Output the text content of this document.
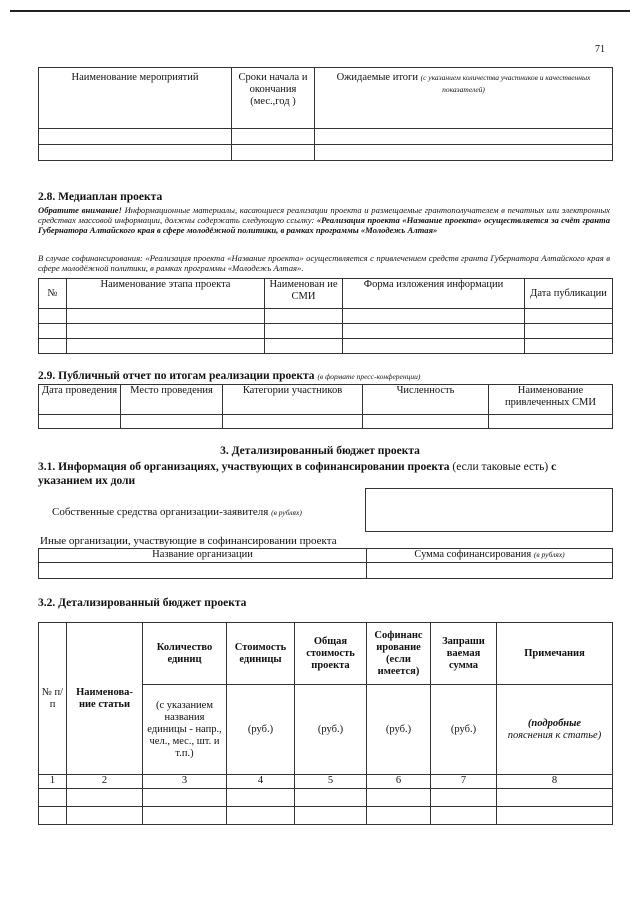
71
Наименование мероприятий	Сроки начала и окончания (мес.,год )	Ожидаемые итоги (с указанием количества участников и качественных показателей)

2.8. Медиаплан проекта
Обратите внимание! Информационные материалы, касающиеся реализации проекта и размещаемые грантополучателем в печатных или электронных средствах массовой информации, должны содержать следующую ссылку: «Реализация проекта «Название проекта» осуществляется за счёт гранта Губернатора Алтайского края в сфере молодёжной политики, в рамках программы «Молодежь Алтая»
В случае софинансирования: «Реализация проекта «Название проекта» осуществляется с привлечением средств гранта Губернатора Алтайского края в сфере молодёжной политики, в рамках программы «Молодежь Алтая».
№	Наименование этапа проекта	Наименован ие СМИ	Форма изложения информации	Дата публикации

2.9. Публичный отчет по итогам реализации проекта (в формате пресс-конференции)
Дата проведения	Место проведения	Категории участников	Численность	Наименование привлеченных СМИ

3. Детализированный бюджет проекта
3.1. Информация об организациях, участвующих в софинансировании проекта (если таковые есть) с указанием их доли
Собственные средства организации-заявителя (в рублях)
Иные организации, участвующие в софинансировании проекта
Название организации	Сумма софинансирования (в рублях)

3.2. Детализированный бюджет проекта
№ п/п	Наименова-ние статьи	Количество единиц	Стоимость единицы	Общая стоимость проекта	Софинанс ирование (если имеется)	Запраши ваемая сумма	Примечания
		(с указанием названия единицы - напр., чел., мес., шт. и т.п.)	(руб.)	(руб.)	(руб.)	(руб.)	(подробные
пояснения к статье)
1	2	3	4	5	6	7	8
